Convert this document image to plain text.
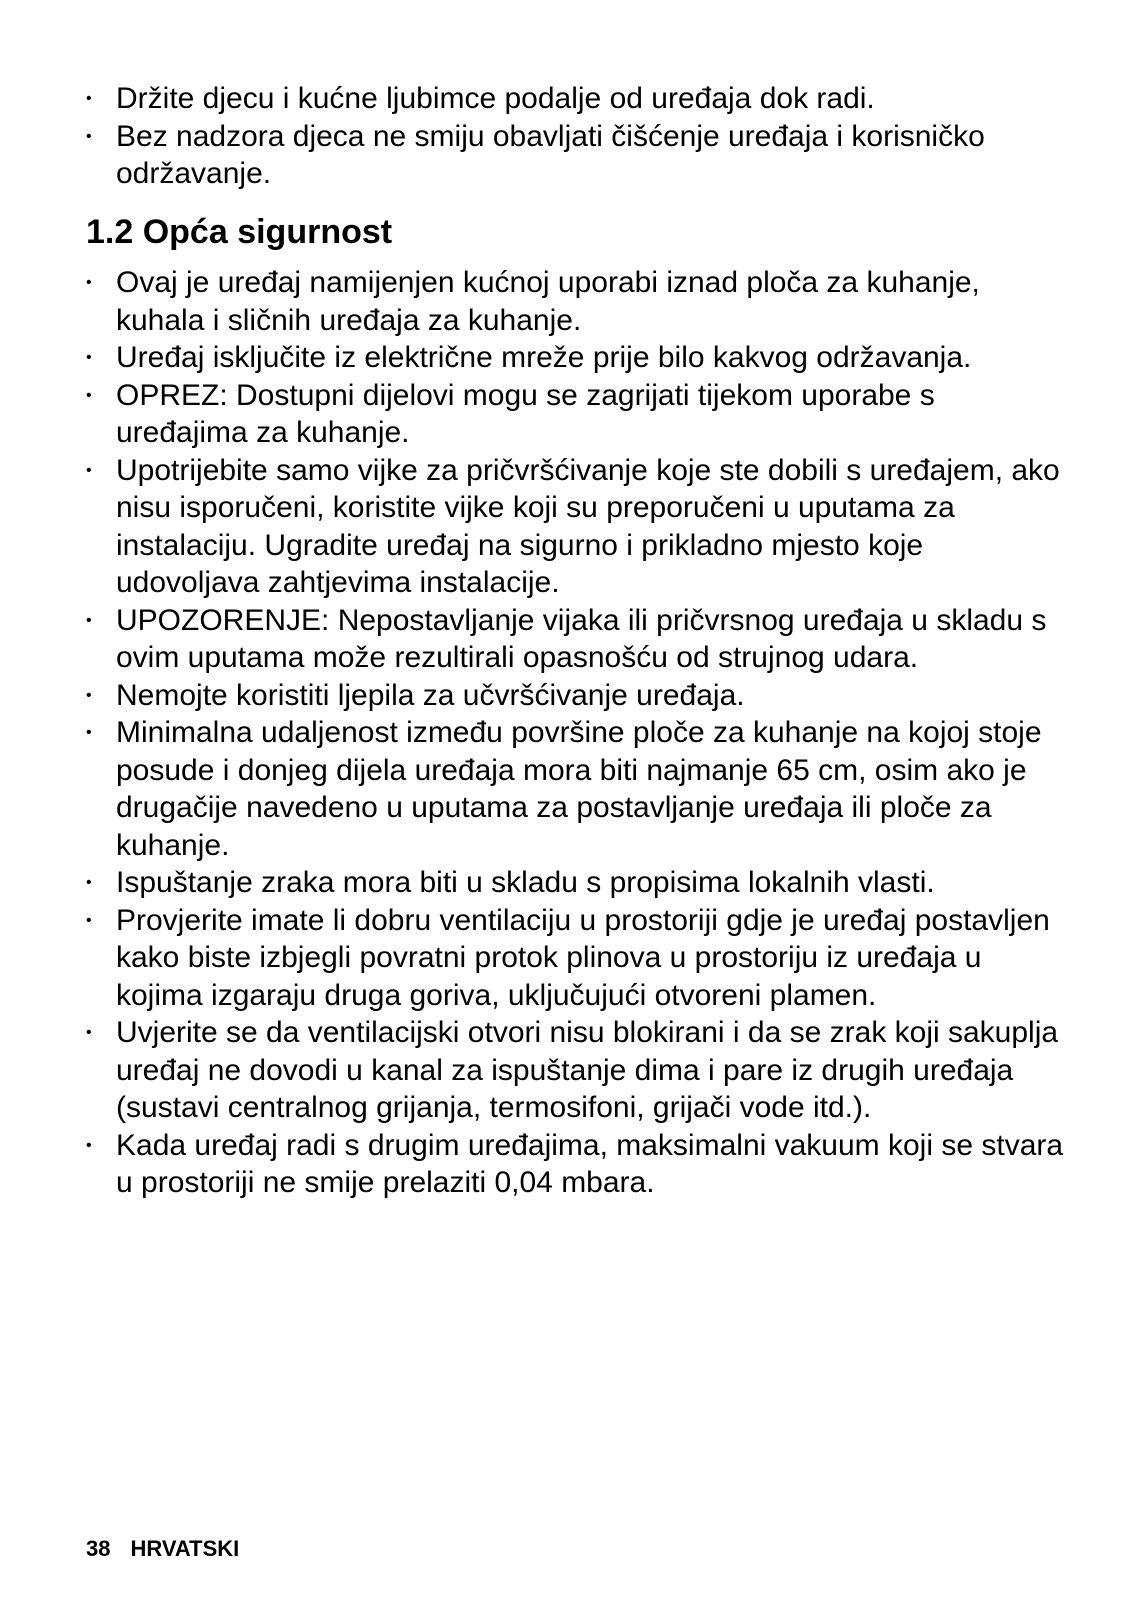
• Držite djecu i kućne ljubimce podalje od uređaja dok radi.
• Bez nadzora djeca ne smiju obavljati čišćenje uređaja i korisničko održavanje.
1.2 Opća sigurnost
• Ovaj je uređaj namijenjen kućnoj uporabi iznad ploča za kuhanje, kuhala i sličnih uređaja za kuhanje.
• Uređaj isključite iz električne mreže prije bilo kakvog održavanja.
• OPREZ: Dostupni dijelovi mogu se zagrijati tijekom uporabe s uređajima za kuhanje.
• Upotrijebite samo vijke za pričvršćivanje koje ste dobili s uređajem, ako nisu isporučeni, koristite vijke koji su preporučeni u uputama za instalaciju. Ugradite uređaj na sigurno i prikladno mjesto koje udovoljava zahtjevima instalacije.
• UPOZORENJE: Nepostavljanje vijaka ili pričvrsnog uređaja u skladu s ovim uputama može rezultirali opasnošću od strujnog udara.
• Nemojte koristiti ljepila za učvršćivanje uređaja.
• Minimalna udaljenost između površine ploče za kuhanje na kojoj stoje posude i donjeg dijela uređaja mora biti najmanje 65 cm, osim ako je drugačije navedeno u uputama za postavljanje uređaja ili ploče za kuhanje.
• Ispuštanje zraka mora biti u skladu s propisima lokalnih vlasti.
• Provjerite imate li dobru ventilaciju u prostoriji gdje je uređaj postavljen kako biste izbjegli povratni protok plinova u prostoriju iz uređaja u kojima izgaraju druga goriva, uključujući otvoreni plamen.
• Uvjerite se da ventilacijski otvori nisu blokirani i da se zrak koji sakuplja uređaj ne dovodi u kanal za ispuštanje dima i pare iz drugih uređaja (sustavi centralnog grijanja, termosifoni, grijači vode itd.).
• Kada uređaj radi s drugim uređajima, maksimalni vakuum koji se stvara u prostoriji ne smije prelaziti 0,04 mbara.
38 HRVATSKI
